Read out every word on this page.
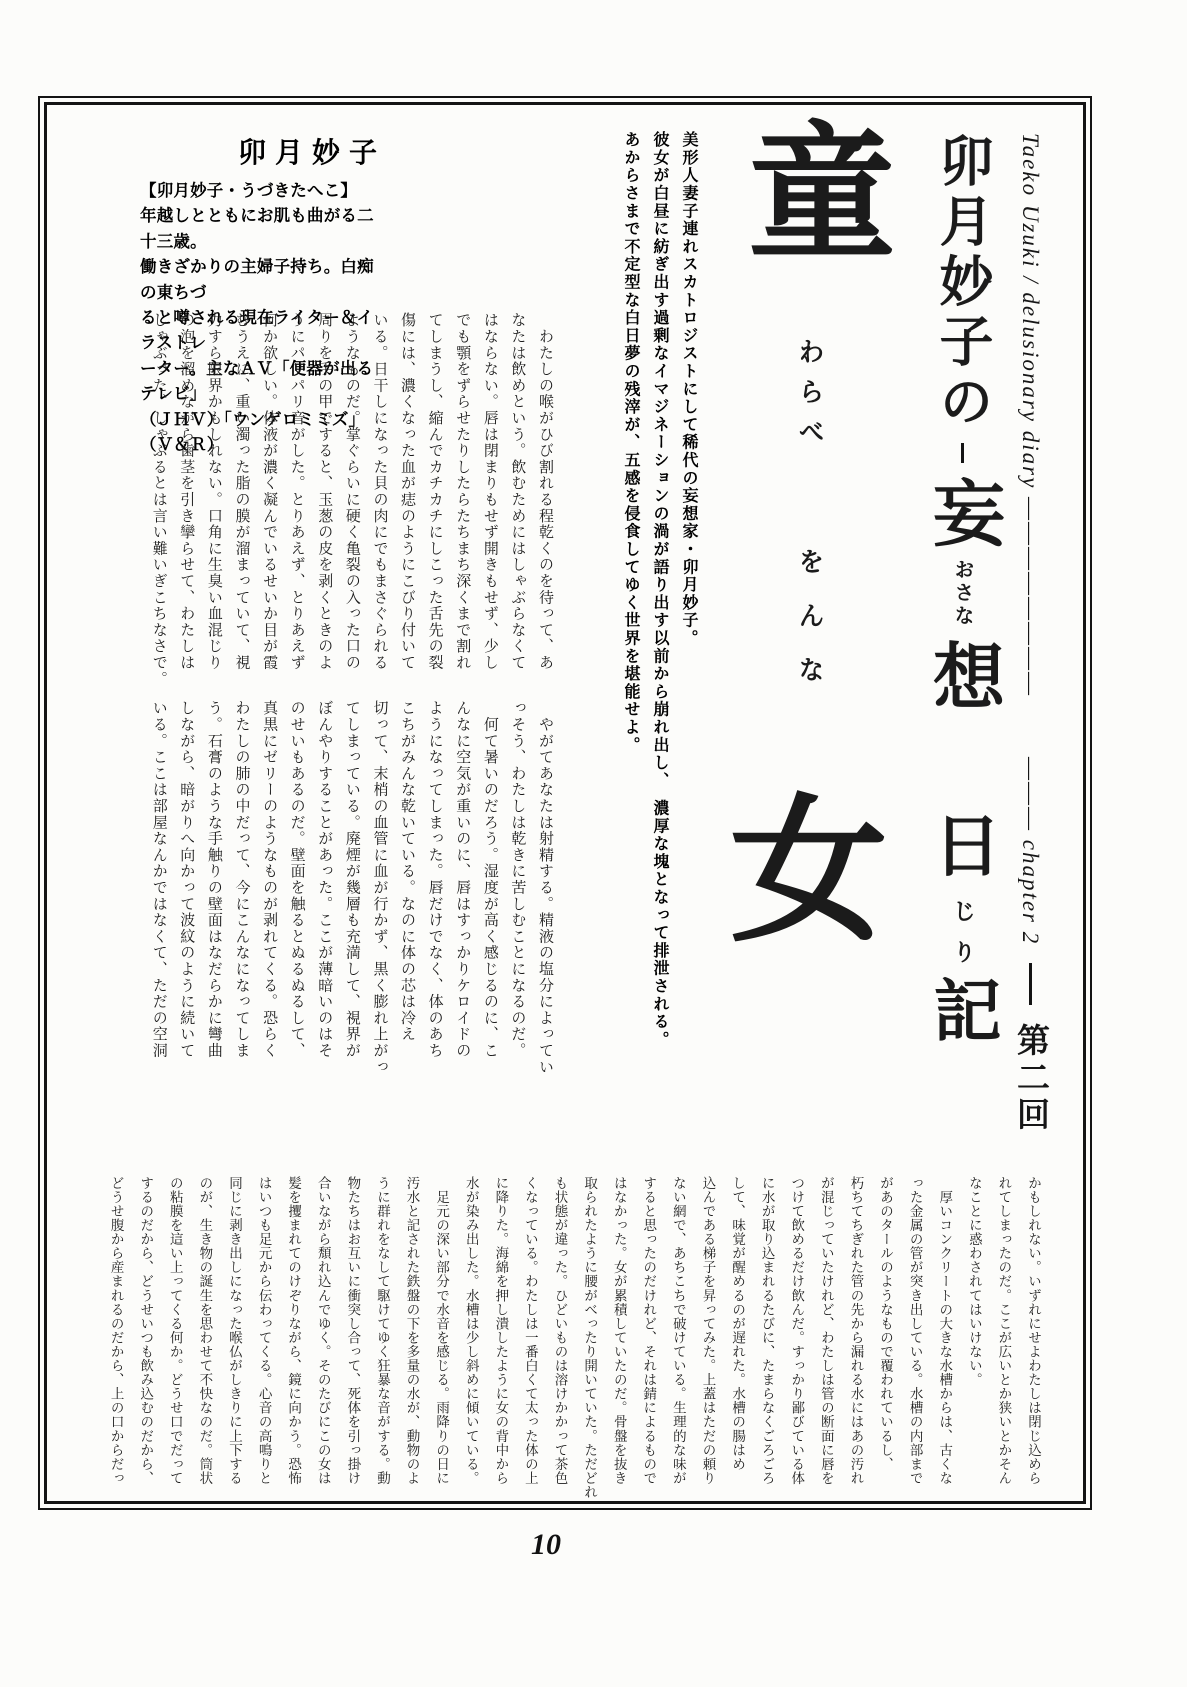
Taeko Uzuki / delusionary diary ―――――――― ――― chapter 2  第二回
卯月妙子の  妄 おさな 想 日 じ り 記
童
わらべ
をんな
女
美形人妻子連れスカトロジストにして稀代の妄想家・卯月妙子。
彼女が白昼に紡ぎ出す過剰なイマジネーションの渦が語り出す以前から崩れ出し、　濃厚な塊となって排泄される。
あからさまで不定型な白日夢の残滓が、五感を侵食してゆく世界を堪能せよ。
卯月妙子
【卯月妙子・うづきたへこ】
年越しとともにお肌も曲がる二十三歳。
働きざかりの主婦子持ち。白痴の東ちづ
ると噂される現在ライター＆イラストレ
ーター。主なＡＶ「便器が出るテレビ」
（ＪＨＶ）「ウンゲロミミズ」（Ｖ＆Ｒ）	　わたしの喉がひび割れる程乾くのを待って、あ
なたは飲めという。飲むためにはしゃぶらなくて
はならない。唇は閉まりもせず開きもせず、少し
でも顎をずらせたりしたらたちまち深くまで割れ
てしまうし、縮んでカチカチにしこった舌先の裂
傷には、濃くなった血が痣のようにこびり付いて
いる。日干しになった貝の肉にでもまさぐられる
ようなものだ。掌ぐらいに硬く亀裂の入った口の
周りを手の甲ですると、玉葱の皮を剥くときのよ
うにパリパリ音がした。とりあえず、とりあえず
何か欲しい。体液が濃く凝んでいるせいか目が霞
むうえに、重い濁った脂の膜が溜まっていて、視
力すら限界かもしれない。口角に生臭い血混じり
の泡を溜めながら歯茎を引き攣らせて、わたしは
しゃぶった、しゃぶるとは言い難いぎこちなさで。
　やがてあなたは射精する。精液の塩分によってい
っそう、わたしは乾きに苦しむことになるのだ。
　何て暑いのだろう。湿度が高く感じるのに、こ
んなに空気が重いのに、唇はすっかりケロイドの
ようになってしまった。唇だけでなく、体のあち
こちがみんな乾いている。なのに体の芯は冷え
切って、末梢の血管に血が行かず、黒く膨れ上がっ
てしまっている。廃煙が幾層も充満して、視界が
ぼんやりすることがあった。ここが薄暗いのはそ
のせいもあるのだ。壁面を触るとぬるぬるして、
真黒にゼリーのようなものが剥れてくる。恐らく
わたしの肺の中だって、今にこんなになってしま
う。石膏のような手触りの壁面はなだらかに彎曲
しながら、暗がりへ向かって波紋のように続いて
いる。ここは部屋なんかではなくて、ただの空洞
かもしれない。いずれにせよわたしは閉じ込めら
れてしまったのだ。ここが広いとか狭いとかそん
なことに惑わされてはいけない。
　厚いコンクリートの大きな水槽からは、古くな
った金属の管が突き出している。水槽の内部まで
があのタールのようなもので覆われているし、
朽ちてちぎれた管の先から漏れる水にはあの汚れ
が混じっていたけれど、わたしは管の断面に唇を
つけて飲めるだけ飲んだ。すっかり鄙びている体
に水が取り込まれるたびに、たまらなくごろごろ
して、味覚が醒めるのが遅れた。水槽の腸はめ
込んである梯子を昇ってみた。上蓋はただの頼り
ない網で、あちこちで破けている。生理的な味が
すると思ったのだけれど、それは錆によるもので
はなかった。女が累積していたのだ。骨盤を抜き
取られたように腰がべったり開いていた。ただどれ
も状態が違った。ひどいものは溶けかかって茶色
くなっている。わたしは一番白くて太った体の上
に降りた。海綿を押し潰したように女の背中から
水が染み出した。水槽は少し斜めに傾いている。
　足元の深い部分で水音を感じる。雨降りの日に
汚水と記された鉄盤の下を多量の水が、動物のよ
うに群れをなして駆けてゆく狂暴な音がする。動
物たちはお互いに衝突し合って、死体を引っ掛け
合いながら頽れ込んでゆく。そのたびにこの女は
髪を攫まれてのけぞりながら、鏡に向かう。恐怖
はいつも足元から伝わってくる。心音の高鳴りと
同じに剥き出しになった喉仏がしきりに上下する
のが、生き物の誕生を思わせて不快なのだ。筒状
の粘膜を這い上ってくる何か。どうせ口でだって
するのだから、どうせいつも飲み込むのだから、
どうせ腹から産まれるのだから、上の口からだっ
10
